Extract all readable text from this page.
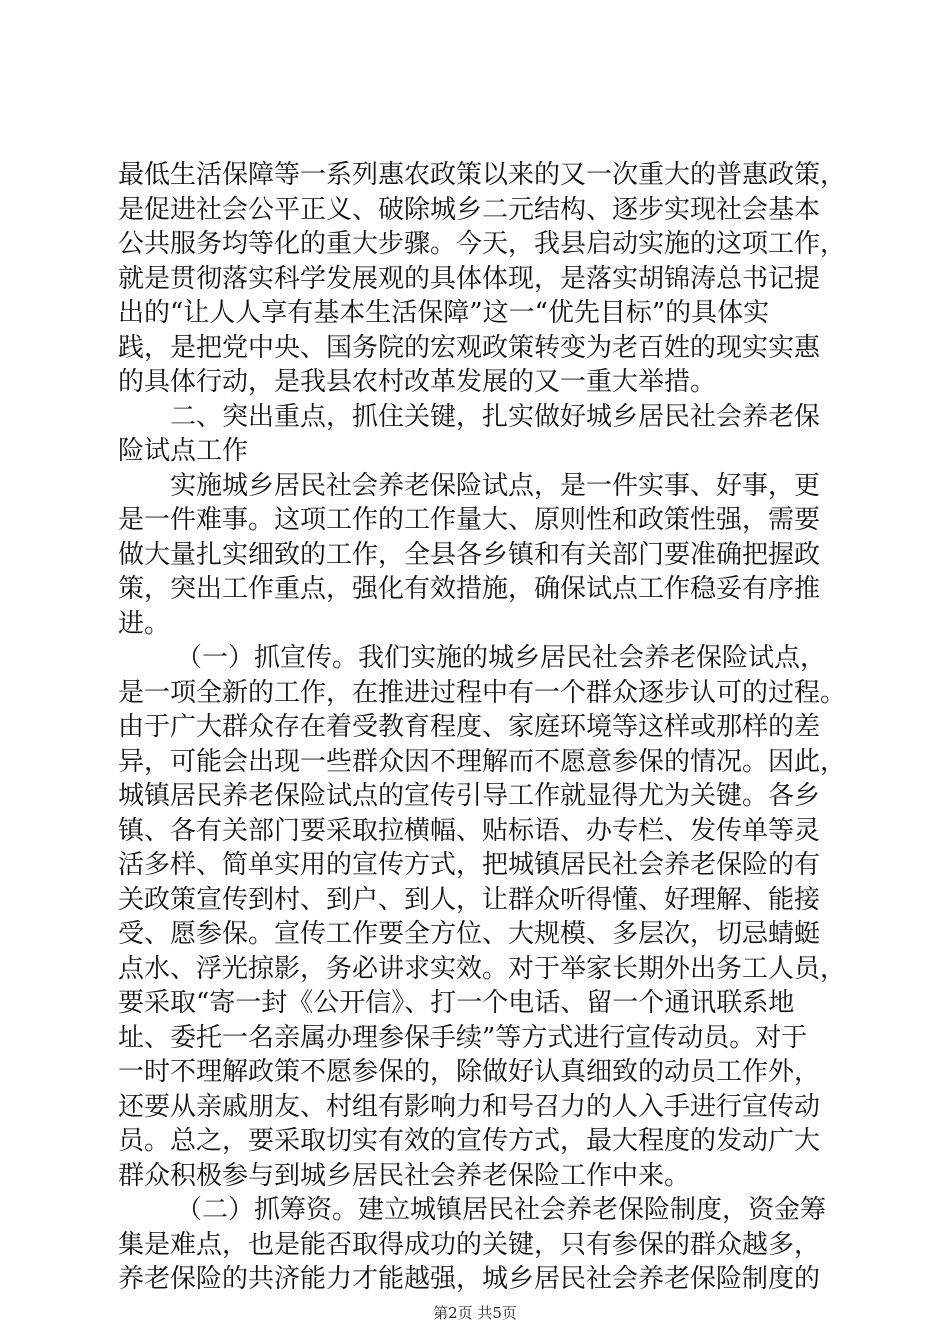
最低生活保障等一系列惠农政策以来的又一次重大的普惠政策，
是促进社会公平正义、破除城乡二元结构、逐步实现社会基本
公共服务均等化的重大步骤。今天，我县启动实施的这项工作，
就是贯彻落实科学发展观的具体体现，是落实胡锦涛总书记提
出的“让人人享有基本生活保障”这一“优先目标”的具体实
践，是把党中央、国务院的宏观政策转变为老百姓的现实实惠
的具体行动，是我县农村改革发展的又一重大举措。
二、突出重点，抓住关键，扎实做好城乡居民社会养老保
险试点工作
实施城乡居民社会养老保险试点，是一件实事、好事，更
是一件难事。这项工作的工作量大、原则性和政策性强，需要
做大量扎实细致的工作，全县各乡镇和有关部门要准确把握政
策，突出工作重点，强化有效措施，确保试点工作稳妥有序推
进。
（一）抓宣传。我们实施的城乡居民社会养老保险试点，
是一项全新的工作，在推进过程中有一个群众逐步认可的过程。
由于广大群众存在着受教育程度、家庭环境等这样或那样的差
异，可能会出现一些群众因不理解而不愿意参保的情况。因此，
城镇居民养老保险试点的宣传引导工作就显得尤为关键。各乡
镇、各有关部门要采取拉横幅、贴标语、办专栏、发传单等灵
活多样、简单实用的宣传方式，把城镇居民社会养老保险的有
关政策宣传到村、到户、到人，让群众听得懂、好理解、能接
受、愿参保。宣传工作要全方位、大规模、多层次，切忌蜻蜓
点水、浮光掠影，务必讲求实效。对于举家长期外出务工人员，
要采取“寄一封《公开信》、打一个电话、留一个通讯联系地
址、委托一名亲属办理参保手续”等方式进行宣传动员。对于
一时不理解政策不愿参保的，除做好认真细致的动员工作外，
还要从亲戚朋友、村组有影响力和号召力的人入手进行宣传动
员。总之，要采取切实有效的宣传方式，最大程度的发动广大
群众积极参与到城乡居民社会养老保险工作中来。
（二）抓筹资。建立城镇居民社会养老保险制度，资金筹
集是难点，也是能否取得成功的关键，只有参保的群众越多，
养老保险的共济能力才能越强，城乡居民社会养老保险制度的
第2页 共5页
